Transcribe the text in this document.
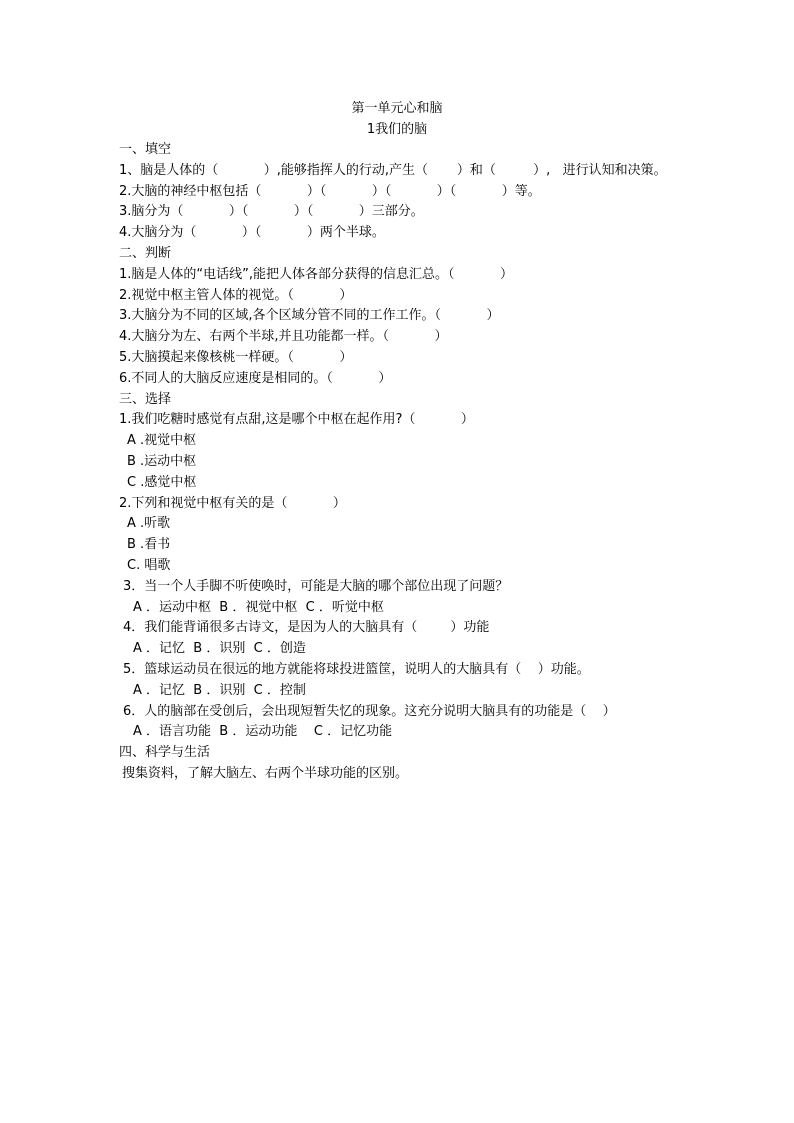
第一单元心和脑
1我们的脑
一、填空
1、脑是人体的（           ）,能够指挥人的行动,产生（       ）和（         ）,   进行认知和决策。
2.大脑的神经中枢包括（           ）（           ）（           ）（           ）等。
3.脑分为（           ）（           ）（           ）三部分。
4.大脑分为（           ）（           ）两个半球。
二、判断
1.脑是人体的“电话线”,能把人体各部分获得的信息汇总。（           ）
2.视觉中枢主管人体的视觉。（           ）
3.大脑分为不同的区域,各个区域分管不同的工作工作。（           ）
4.大脑分为左、右两个半球,并且功能都一样。（           ）
5.大脑摸起来像核桃一样硬。（           ）
6.不同人的大脑反应速度是相同的。（           ）
三、选择
1.我们吃糖时感觉有点甜,这是哪个中枢在起作用?（           ）
A .视觉中枢
B .运动中枢
C .感觉中枢
2.下列和视觉中枢有关的是（           ）
A .听歌
B .看书
C. 唱歌
3．当一个人手脚不听使唤时，可能是大脑的哪个部位出现了问题？
A ．运动中枢  B ．视觉中枢  C ．听觉中枢
4．我们能背诵很多古诗文，是因为人的大脑具有（        ）功能
A ．记忆  B ．识别  C ．创造
5．篮球运动员在很远的地方就能将球投进篮筐，说明人的大脑具有（    ）功能。
A ．记忆  B ．识别  C ．控制
6．人的脑部在受创后，会出现短暂失忆的现象。这充分说明大脑具有的功能是（    ）
A ．语言功能  B ．运动功能    C ．记忆功能
四、科学与生活
搜集资料，了解大脑左、右两个半球功能的区别。
